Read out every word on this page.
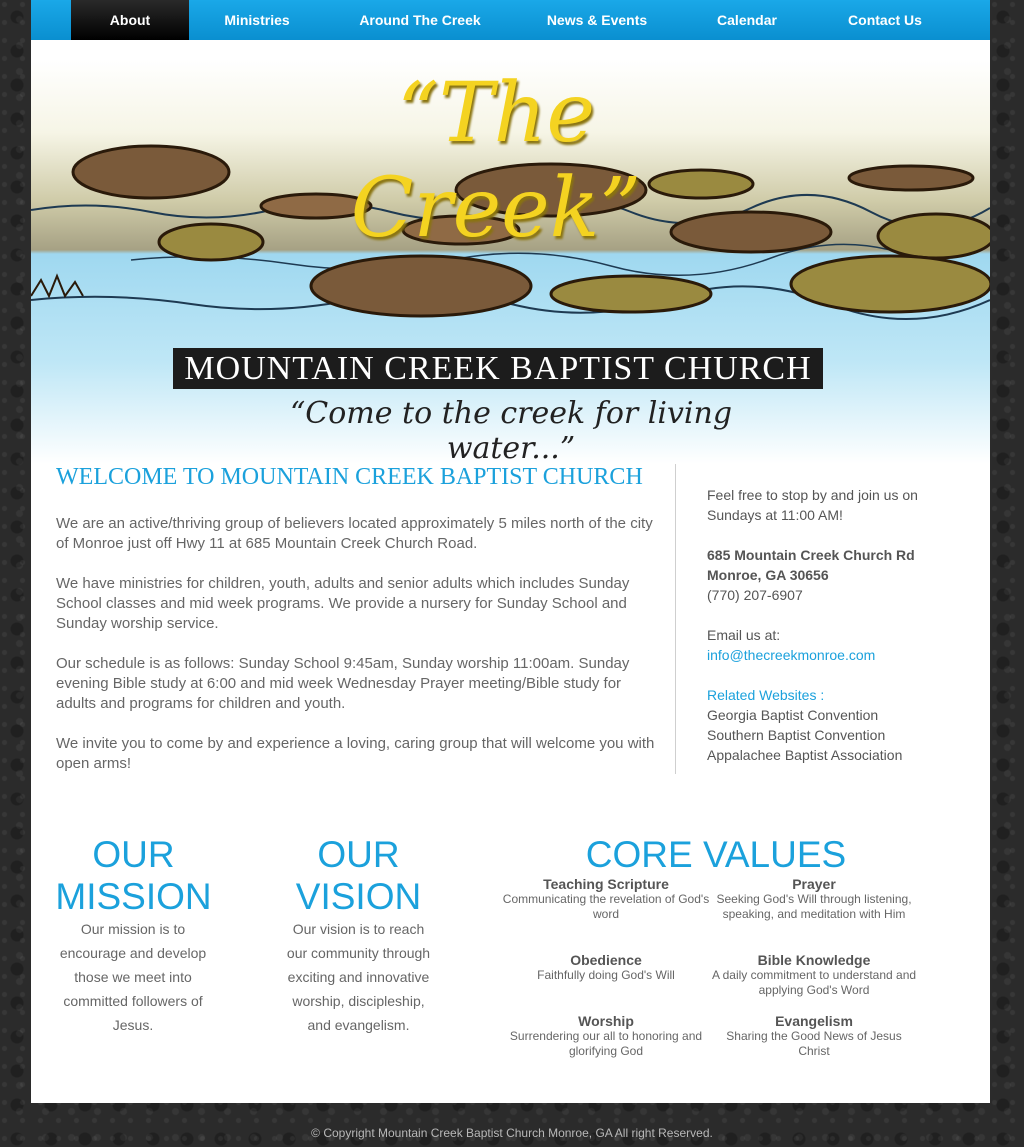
About	Ministries	Around The Creek	News & Events	Calendar	Contact Us
“The Creek”
MOUNTAIN CREEK BAPTIST CHURCH
“Come to the creek for living water...”
WELCOME TO MOUNTAIN CREEK BAPTIST CHURCH

We are an active/thriving group of believers located approximately 5 miles north of the city of Monroe just off Hwy 11 at 685 Mountain Creek Church Road.

We have ministries for children, youth, adults and senior adults which includes Sunday School classes and mid week programs. We provide a nursery for Sunday School and Sunday worship service.

Our schedule is as follows: Sunday School 9:45am, Sunday worship 11:00am. Sunday evening Bible study at 6:00 and mid week Wednesday Prayer meeting/Bible study for adults and programs for children and youth.

We invite you to come by and experience a loving, caring group that will welcome you with open arms!

Feel free to stop by and join us on Sundays at 11:00 AM!
685 Mountain Creek Church Rd
Monroe, GA 30656
(770) 207-6907
Email us at:
info@thecreekmonroe.com
Related Websites :
Georgia Baptist Convention
Southern Baptist Convention
Appalachee Baptist Association
OUR
MISSION
Our mission is to encourage and develop those we meet into committed followers of Jesus.
OUR
VISION
Our vision is to reach our community through exciting and innovative worship, discipleship, and evangelism.
CORE VALUES
Teaching Scripture
Communicating the revelation of God's word
Prayer
Seeking God's Will through listening, speaking, and meditation with Him
Obedience
Faithfully doing God's Will
Bible Knowledge
A daily commitment to understand and applying God's Word
Worship
Surrendering our all to honoring and glorifying God
Evangelism
Sharing the Good News of Jesus Christ
© Copyright Mountain Creek Baptist Church Monroe, GA All right Reserved.
